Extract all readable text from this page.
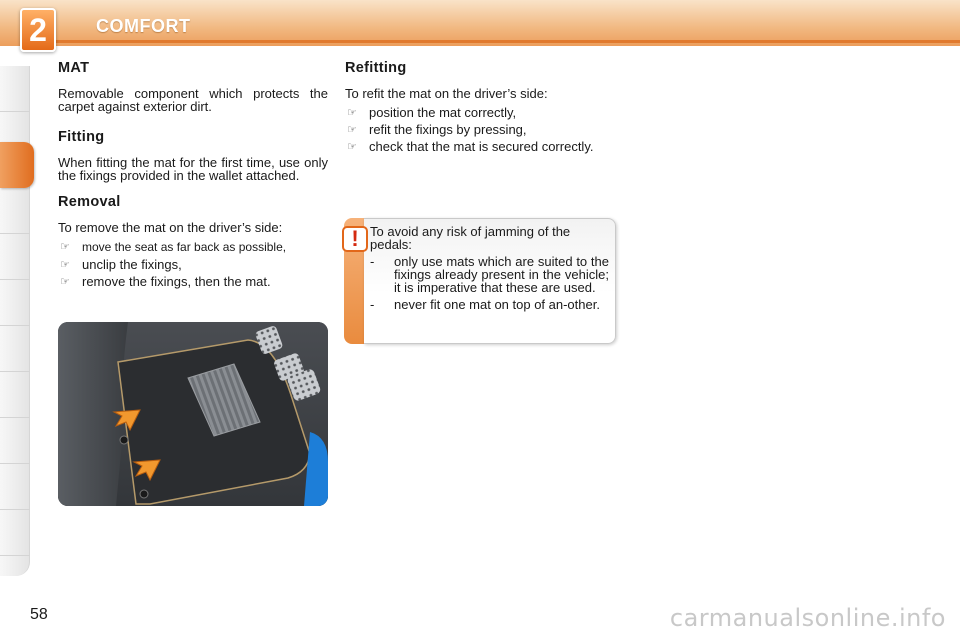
2	COMFORT
MAT

Removable component which protects the carpet against exterior dirt.

Fitting

When fitting the mat for the first time, use only the fixings provided in the wallet attached.

Removal

To remove the mat on the driver’s side:

☞ move the seat as far back as possible,
☞ unclip the fixings,
☞ remove the fixings, then the mat.
Refitting

To refit the mat on the driver’s side:

☞ position the mat correctly,
☞ refit the fixings by pressing,
☞ check that the mat is secured correctly.

To avoid any risk of jamming of the pedals:

- only use mats which are suited to the fixings already present in the vehicle; it is imperative that these are used.
- never fit one mat on top of an-other.
!
58	carmanualsonline.info
